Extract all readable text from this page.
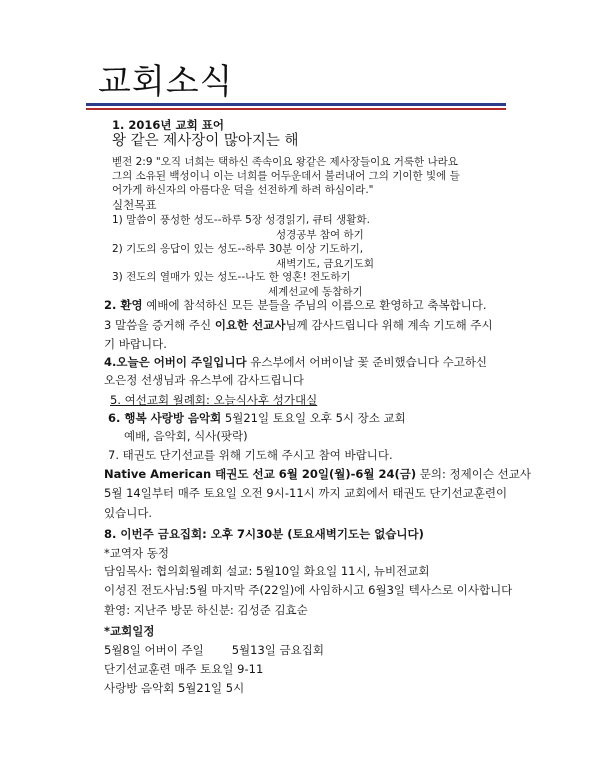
교회소식
1. 2016년 교회 표어
왕 같은 제사장이 많아지는 해
벧전 2:9 "오직 너희는 택하신 족속이요 왕같은 제사장들이요 거룩한 나라요
그의 소유된 백성이니 이는 너희를 어두운데서 불러내어 그의 기이한 빛에 들
어가게 하신자의 아름다운 덕을 선전하게 하려 하심이라."
실천목표
1) 말씀이 풍성한 성도--하루 5장 성경읽기, 큐티 생활화.
성경공부 참여 하기
2) 기도의 응답이 있는 성도--하루 30분 이상 기도하기,
새벽기도, 금요기도회
3) 전도의 열매가 있는 성도--나도 한 영혼! 전도하기
세계선교에 동참하기
2. 환영 예배에 참석하신 모든 분들을 주님의 이름으로 환영하고 축복합니다.
3 말씀을 증거해 주신 이요한 선교사님께 감사드립니다 위해 계속 기도해 주시
기 바랍니다.
4.오늘은 어버이 주일입니다 유스부에서 어버이날 꽃 준비했습니다 수고하신
오은정 선생님과 유스부에 감사드립니다
5. 여선교회 월례회: 오늘식사후 성가대실
6. 행복 사랑방 음악회 5월21일 토요일 오후 5시 장소 교회
예배, 음악회, 식사(팟락)
7. 태권도 단기선교를 위해 기도해 주시고 참여 바랍니다.
Native American 태권도 선교 6월 20일(월)-6월 24(금) 문의: 정제이슨 선교사
5월 14일부터 매주 토요일 오전 9시-11시 까지 교회에서 태권도 단기선교훈련이
있습니다.
8. 이번주 금요집회: 오후 7시30분 (토요새벽기도는 없습니다)
*교역자 동정
담임목사: 협의회월례회 설교: 5월10일 화요일 11시, 뉴비전교회
이성진 전도사님:5월 마지막 주(22일)에 사임하시고 6월3일 텍사스로 이사합니다
환영: 지난주 방문 하신분: 김성준 김효순
*교회일정
5월8일 어버이 주일 5월13일 금요집회
단기선교훈련 매주 토요일 9-11
사랑방 음악회 5월21일 5시
